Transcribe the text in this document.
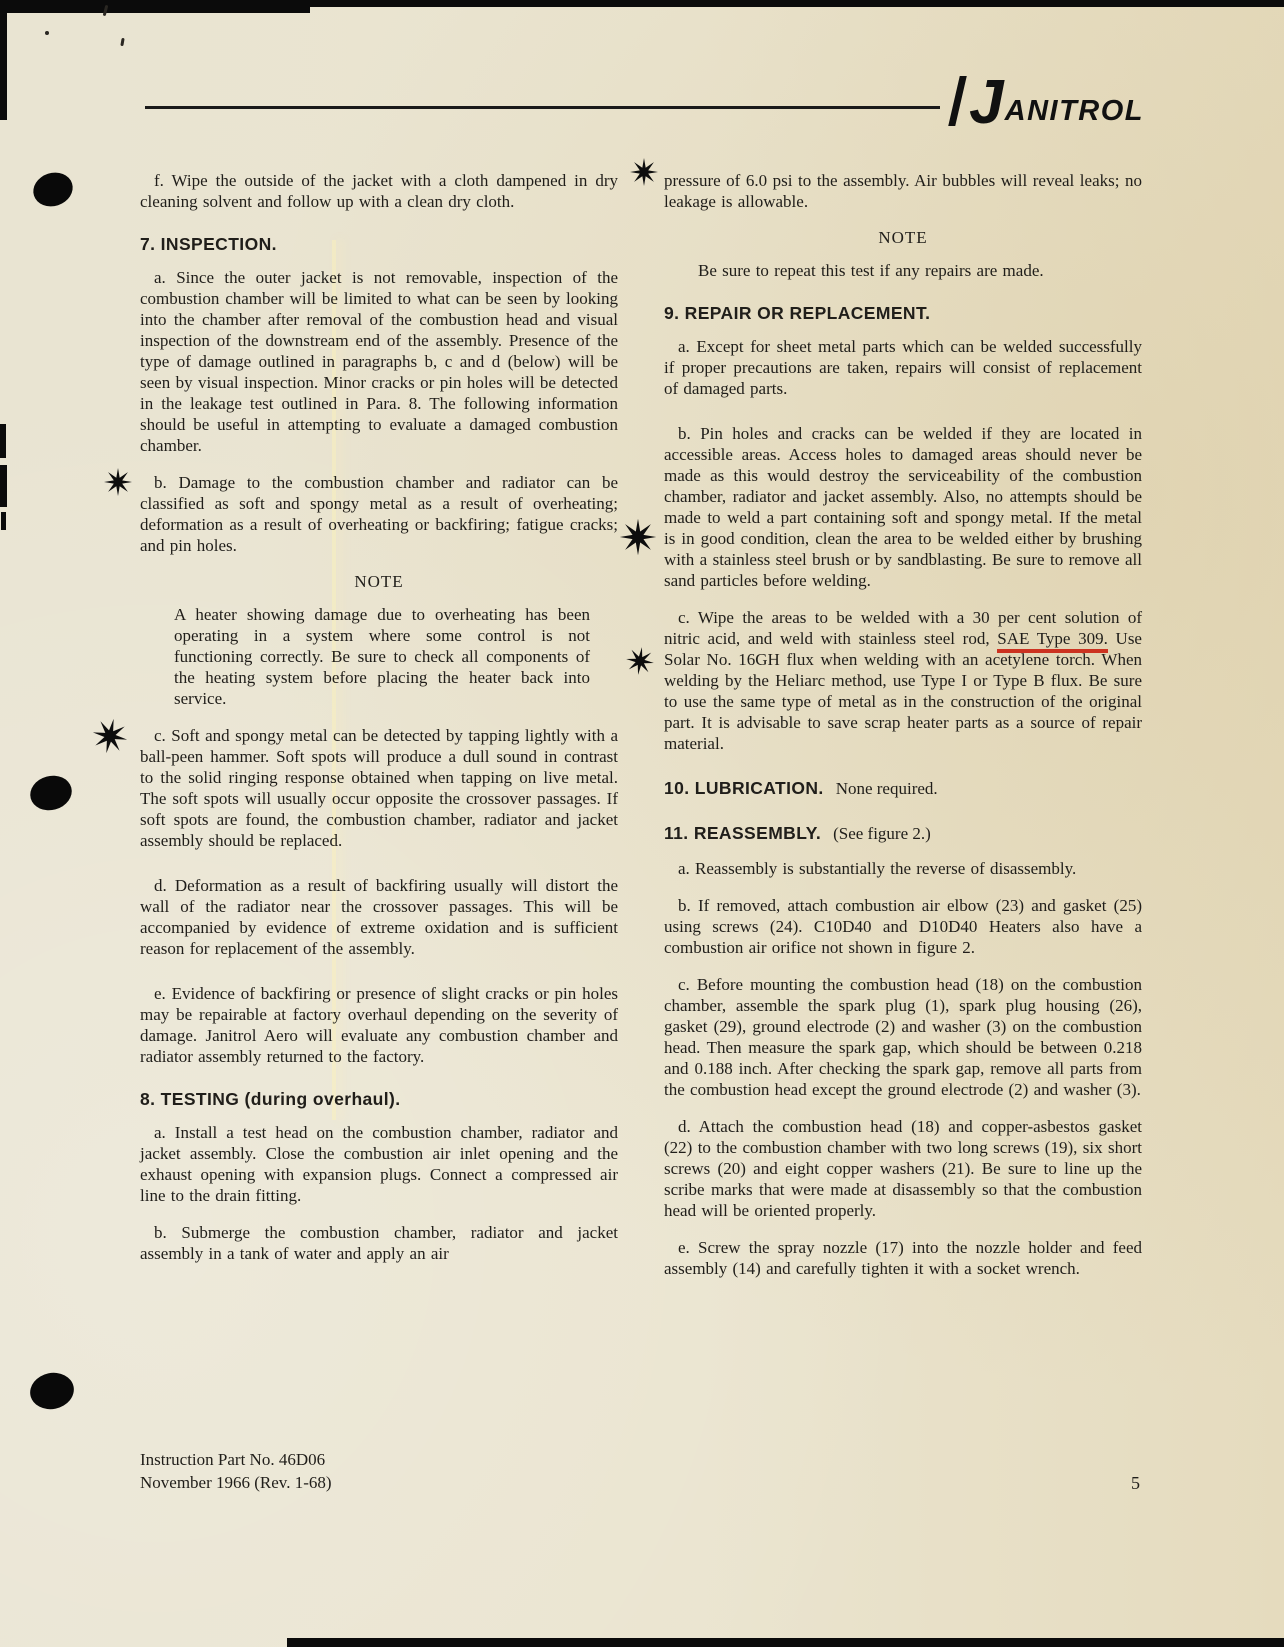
J ANITROL

f. Wipe the outside of the jacket with a cloth dampened in dry cleaning solvent and follow up with a clean dry cloth.

7. INSPECTION.

a. Since the outer jacket is not removable, inspection of the combustion chamber will be limited to what can be seen by looking into the chamber after removal of the combustion head and visual inspection of the downstream end of the assembly. Presence of the type of damage outlined in paragraphs b, c and d (below) will be seen by visual inspection. Minor cracks or pin holes will be detected in the leakage test outlined in Para. 8. The following information should be useful in attempting to evaluate a damaged combustion chamber.

b. Damage to the combustion chamber and radiator can be classified as soft and spongy metal as a result of overheating; deformation as a result of overheating or backfiring; fatigue cracks; and pin holes.

NOTE

A heater showing damage due to overheating has been operating in a system where some control is not functioning correctly. Be sure to check all components of the heating system before placing the heater back into service.

c. Soft and spongy metal can be detected by tapping lightly with a ball-peen hammer. Soft spots will produce a dull sound in contrast to the solid ringing response obtained when tapping on live metal. The soft spots will usually occur opposite the crossover passages. If soft spots are found, the combustion chamber, radiator and jacket assembly should be replaced.

d. Deformation as a result of backfiring usually will distort the wall of the radiator near the crossover passages. This will be accompanied by evidence of extreme oxidation and is sufficient reason for replacement of the assembly.

e. Evidence of backfiring or presence of slight cracks or pin holes may be repairable at factory overhaul depending on the severity of damage. Janitrol Aero will evaluate any combustion chamber and radiator assembly returned to the factory.

8. TESTING (during overhaul).

a. Install a test head on the combustion chamber, radiator and jacket assembly. Close the combustion air inlet opening and the exhaust opening with expansion plugs. Connect a compressed air line to the drain fitting.

b. Submerge the combustion chamber, radiator and jacket assembly in a tank of water and apply an air

pressure of 6.0 psi to the assembly. Air bubbles will reveal leaks; no leakage is allowable.

NOTE

Be sure to repeat this test if any repairs are made.

9. REPAIR OR REPLACEMENT.

a. Except for sheet metal parts which can be welded successfully if proper precautions are taken, repairs will consist of replacement of damaged parts.

b. Pin holes and cracks can be welded if they are located in accessible areas. Access holes to damaged areas should never be made as this would destroy the serviceability of the combustion chamber, radiator and jacket assembly. Also, no attempts should be made to weld a part containing soft and spongy metal. If the metal is in good condition, clean the area to be welded either by brushing with a stainless steel brush or by sandblasting. Be sure to remove all sand particles before welding.

c. Wipe the areas to be welded with a 30 per cent solution of nitric acid, and weld with stainless steel rod, SAE Type 309. Use Solar No. 16GH flux when welding with an acetylene torch. When welding by the Heliarc method, use Type I or Type B flux. Be sure to use the same type of metal as in the construction of the original part. It is advisable to save scrap heater parts as a source of repair material.

10. LUBRICATION. None required.

11. REASSEMBLY. (See figure 2.)

a. Reassembly is substantially the reverse of disassembly.

b. If removed, attach combustion air elbow (23) and gasket (25) using screws (24). C10D40 and D10D40 Heaters also have a combustion air orifice not shown in figure 2.

c. Before mounting the combustion head (18) on the combustion chamber, assemble the spark plug (1), spark plug housing (26), gasket (29), ground electrode (2) and washer (3) on the combustion head. Then measure the spark gap, which should be between 0.218 and 0.188 inch. After checking the spark gap, remove all parts from the combustion head except the ground electrode (2) and washer (3).

d. Attach the combustion head (18) and copper-asbestos gasket (22) to the combustion chamber with two long screws (19), six short screws (20) and eight copper washers (21). Be sure to line up the scribe marks that were made at disassembly so that the combustion head will be oriented properly.

e. Screw the spray nozzle (17) into the nozzle holder and feed assembly (14) and carefully tighten it with a socket wrench.

Instruction Part No. 46D06
November 1966 (Rev. 1-68)	5
